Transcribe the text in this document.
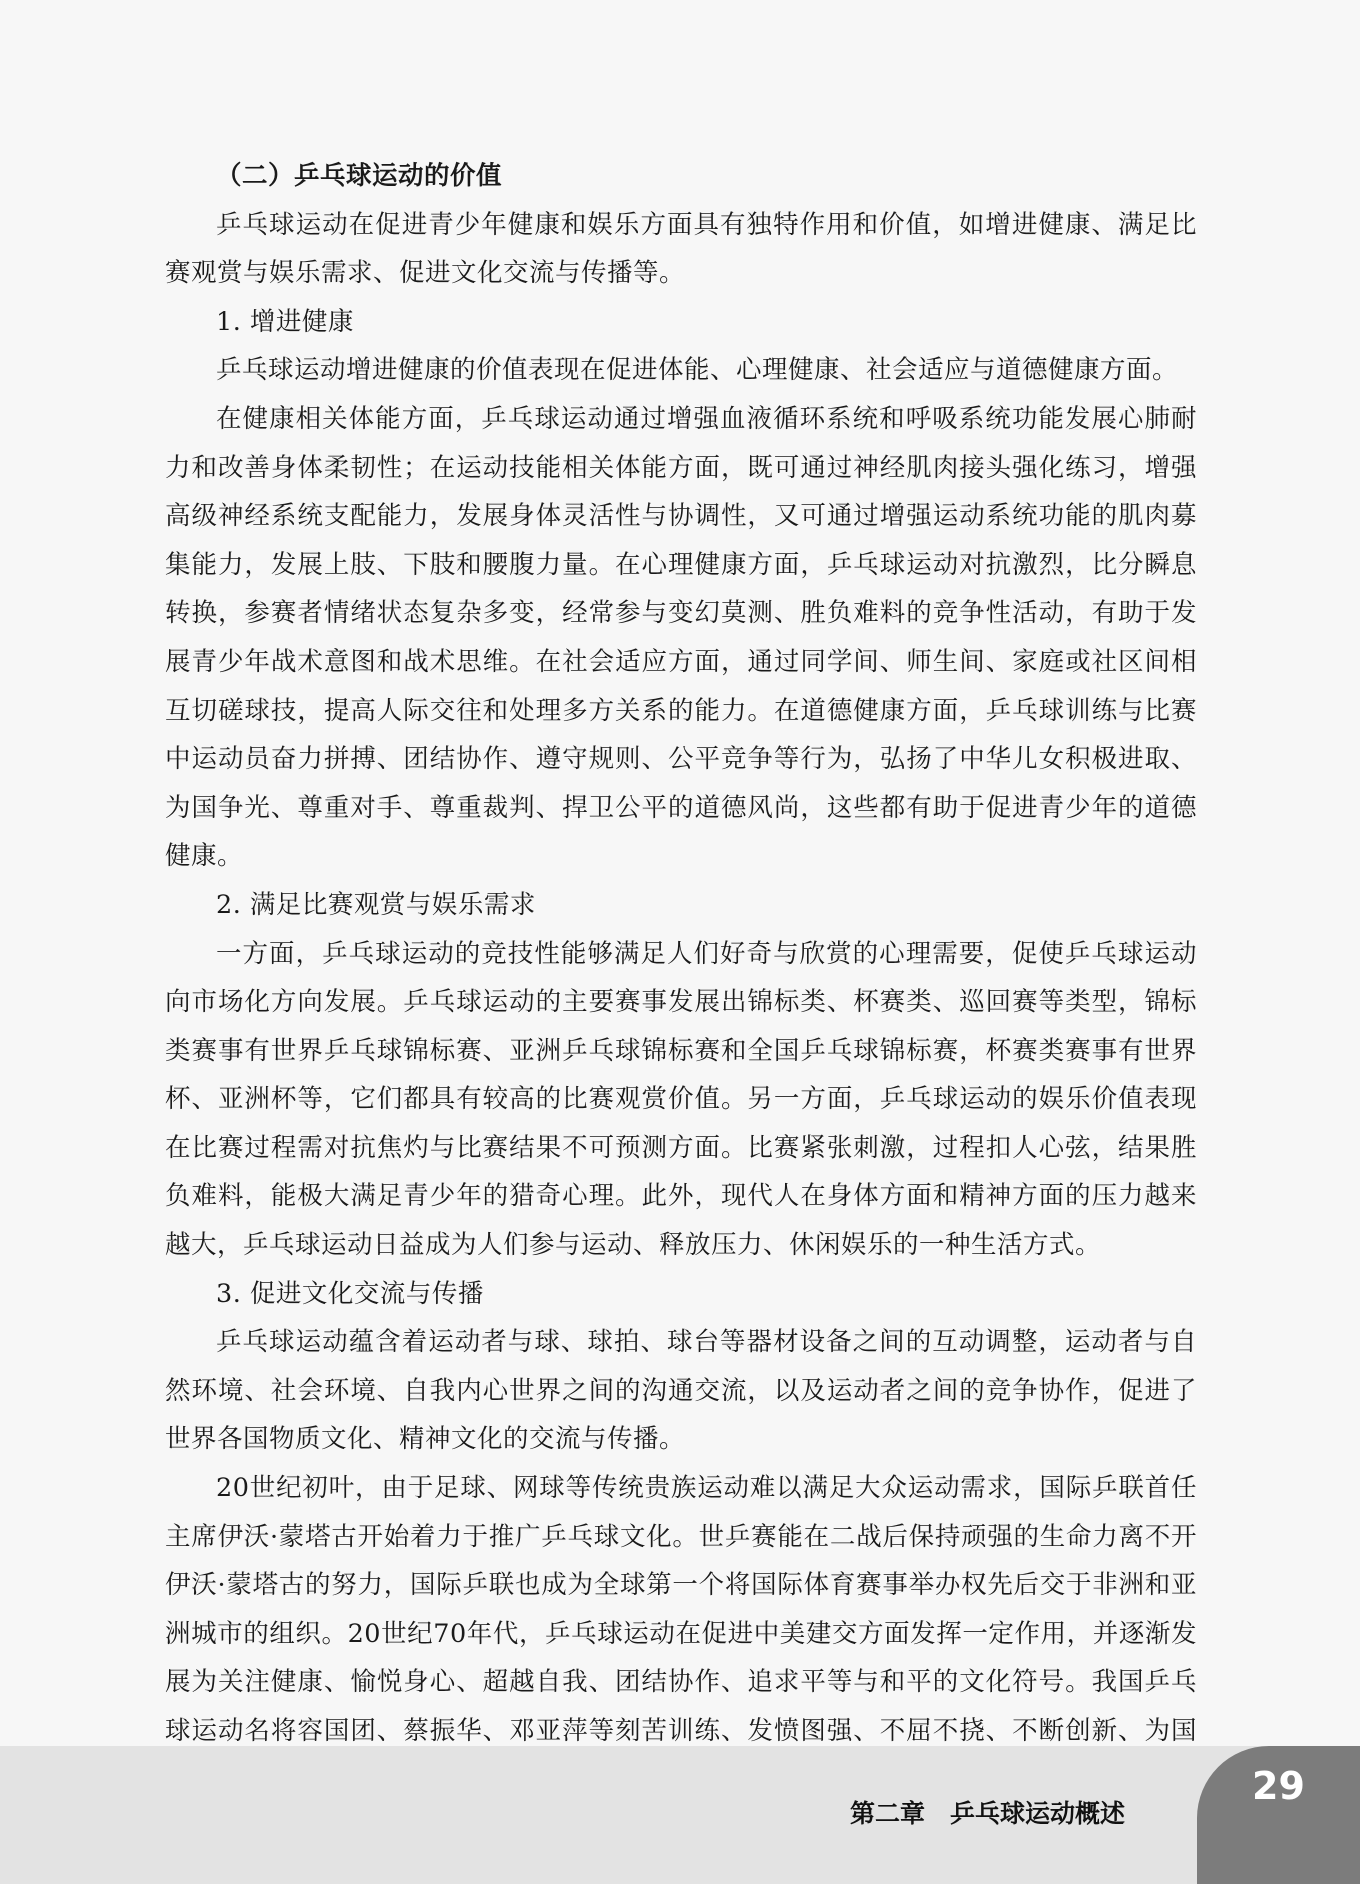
（二）乒乓球运动的价值

乒乓球运动在促进青少年健康和娱乐方面具有独特作用和价值，如增进健康、满足比赛观赏与娱乐需求、促进文化交流与传播等。

1. 增进健康

乒乓球运动增进健康的价值表现在促进体能、心理健康、社会适应与道德健康方面。

在健康相关体能方面，乒乓球运动通过增强血液循环系统和呼吸系统功能发展心肺耐力和改善身体柔韧性；在运动技能相关体能方面，既可通过神经肌肉接头强化练习，增强高级神经系统支配能力，发展身体灵活性与协调性，又可通过增强运动系统功能的肌肉募集能力，发展上肢、下肢和腰腹力量。在心理健康方面，乒乓球运动对抗激烈，比分瞬息转换，参赛者情绪状态复杂多变，经常参与变幻莫测、胜负难料的竞争性活动，有助于发展青少年战术意图和战术思维。在社会适应方面，通过同学间、师生间、家庭或社区间相互切磋球技，提高人际交往和处理多方关系的能力。在道德健康方面，乒乓球训练与比赛中运动员奋力拼搏、团结协作、遵守规则、公平竞争等行为，弘扬了中华儿女积极进取、为国争光、尊重对手、尊重裁判、捍卫公平的道德风尚，这些都有助于促进青少年的道德健康。

2. 满足比赛观赏与娱乐需求

一方面，乒乓球运动的竞技性能够满足人们好奇与欣赏的心理需要，促使乒乓球运动向市场化方向发展。乒乓球运动的主要赛事发展出锦标类、杯赛类、巡回赛等类型，锦标类赛事有世界乒乓球锦标赛、亚洲乒乓球锦标赛和全国乒乓球锦标赛，杯赛类赛事有世界杯、亚洲杯等，它们都具有较高的比赛观赏价值。另一方面，乒乓球运动的娱乐价值表现在比赛过程需对抗焦灼与比赛结果不可预测方面。比赛紧张刺激，过程扣人心弦，结果胜负难料，能极大满足青少年的猎奇心理。此外，现代人在身体方面和精神方面的压力越来越大，乒乓球运动日益成为人们参与运动、释放压力、休闲娱乐的一种生活方式。

3. 促进文化交流与传播

乒乓球运动蕴含着运动者与球、球拍、球台等器材设备之间的互动调整，运动者与自然环境、社会环境、自我内心世界之间的沟通交流，以及运动者之间的竞争协作，促进了世界各国物质文化、精神文化的交流与传播。

20世纪初叶，由于足球、网球等传统贵族运动难以满足大众运动需求，国际乒联首任主席伊沃·蒙塔古开始着力于推广乒乓球文化。世乒赛能在二战后保持顽强的生命力离不开伊沃·蒙塔古的努力，国际乒联也成为全球第一个将国际体育赛事举办权先后交于非洲和亚洲城市的组织。20世纪70年代，乒乓球运动在促进中美建交方面发挥一定作用，并逐渐发展为关注健康、愉悦身心、超越自我、团结协作、追求平等与和平的文化符号。我国乒乓球运动名将容国团、蔡振华、邓亚萍等刻苦训练、发愤图强、不屈不挠、不断创新、为国

第二章　乒乓球运动概述
29
